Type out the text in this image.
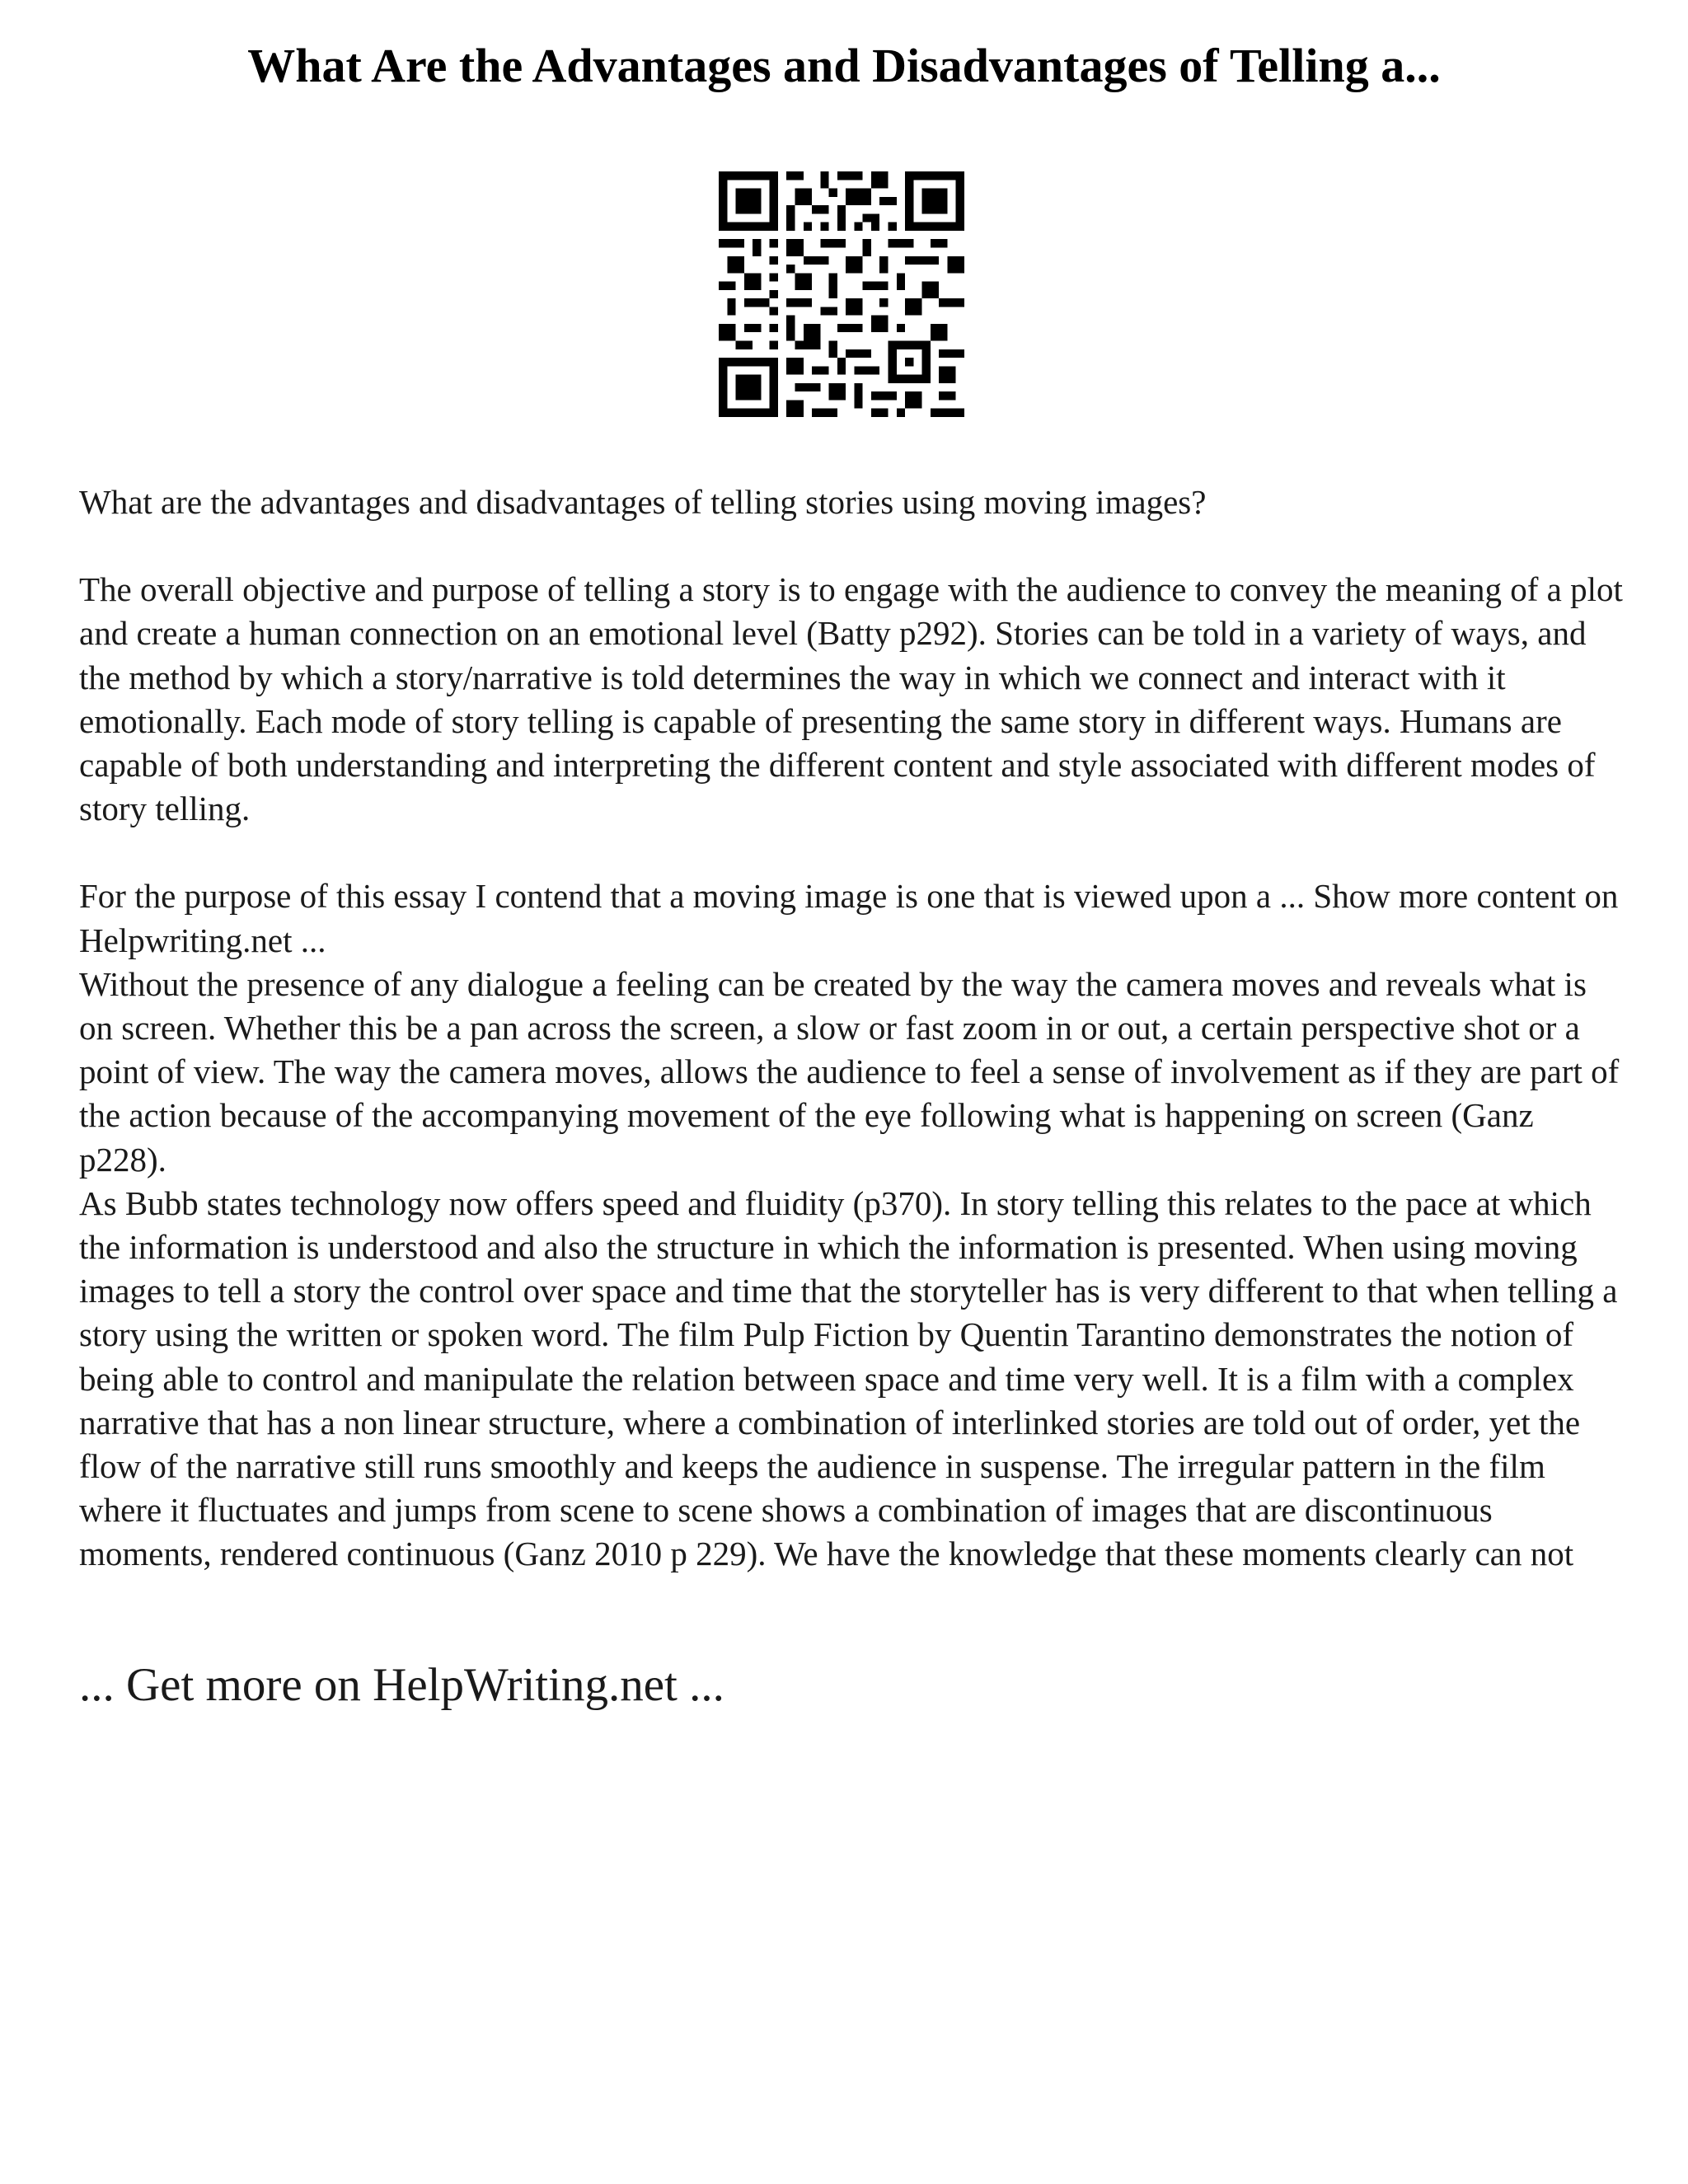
What Are the Advantages and Disadvantages of Telling a...

What are the advantages and disadvantages of telling stories using moving images?

The overall objective and purpose of telling a story is to engage with the audience to convey the meaning of a plot and create a human connection on an emotional level (Batty p292). Stories can be told in a variety of ways, and the method by which a story/narrative is told determines the way in which we connect and interact with it emotionally. Each mode of story telling is capable of presenting the same story in different ways. Humans are capable of both understanding and interpreting the different content and style associated with different modes of story telling.

For the purpose of this essay I contend that a moving image is one that is viewed upon a ... Show more content on Helpwriting.net ...

Without the presence of any dialogue a feeling can be created by the way the camera moves and reveals what is on screen. Whether this be a pan across the screen, a slow or fast zoom in or out, a certain perspective shot or a point of view. The way the camera moves, allows the audience to feel a sense of involvement as if they are part of the action because of the accompanying movement of the eye following what is happening on screen (Ganz p228).

As Bubb states technology now offers speed and fluidity (p370). In story telling this relates to the pace at which the information is understood and also the structure in which the information is presented. When using moving images to tell a story the control over space and time that the storyteller has is very different to that when telling a story using the written or spoken word. The film Pulp Fiction by Quentin Tarantino demonstrates the notion of being able to control and manipulate the relation between space and time very well. It is a film with a complex narrative that has a non linear structure, where a combination of interlinked stories are told out of order, yet the flow of the narrative still runs smoothly and keeps the audience in suspense. The irregular pattern in the film where it fluctuates and jumps from scene to scene shows a combination of images that are discontinuous moments, rendered continuous (Ganz 2010 p 229). We have the knowledge that these moments clearly can not

... Get more on HelpWriting.net ...
